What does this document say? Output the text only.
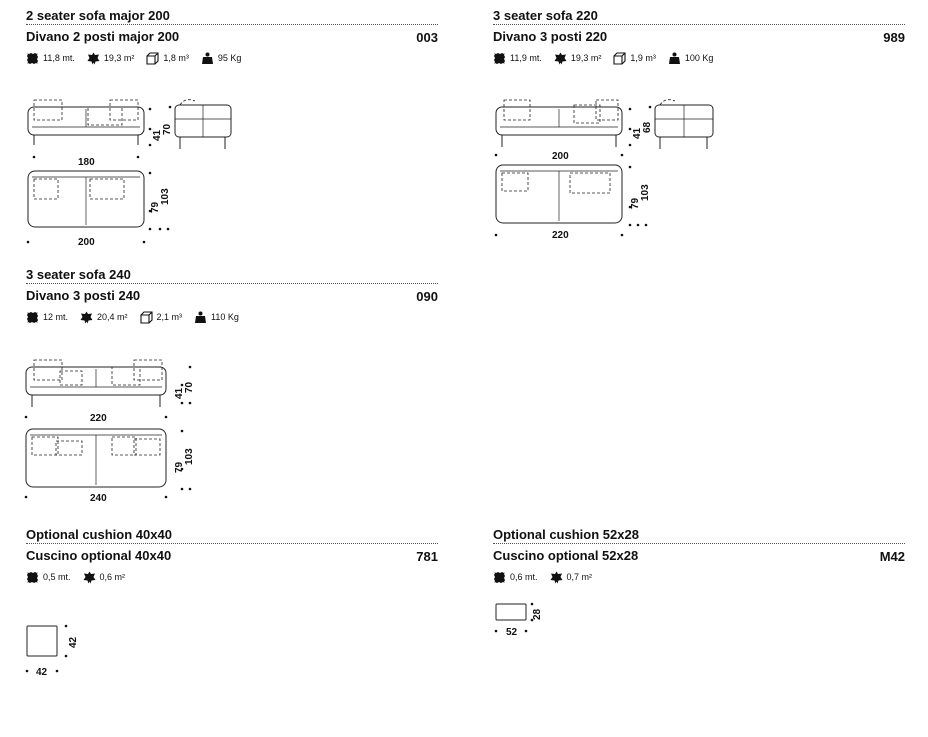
2 seater sofa major 200
Divano 2 posti major 200	003
11,8 mt.	19,3 m²	1,8 m³	95 Kg
180
41
70
79
103
200
3 seater sofa 220
Divano 3 posti 220	989
11,9 mt.	19,3 m²	1,9 m³	100 Kg
200
41
68
79
103
220
3 seater sofa 240
Divano 3 posti 240	090
12 mt.	20,4 m²	2,1 m³	110 Kg
220
41
70
79
103
240
Optional cushion 40x40
Cuscino optional 40x40	781
0,5 mt.	0,6 m²
42
42
Optional cushion 52x28
Cuscino optional 52x28	M42
0,6 mt.	0,7 m²
28
52
